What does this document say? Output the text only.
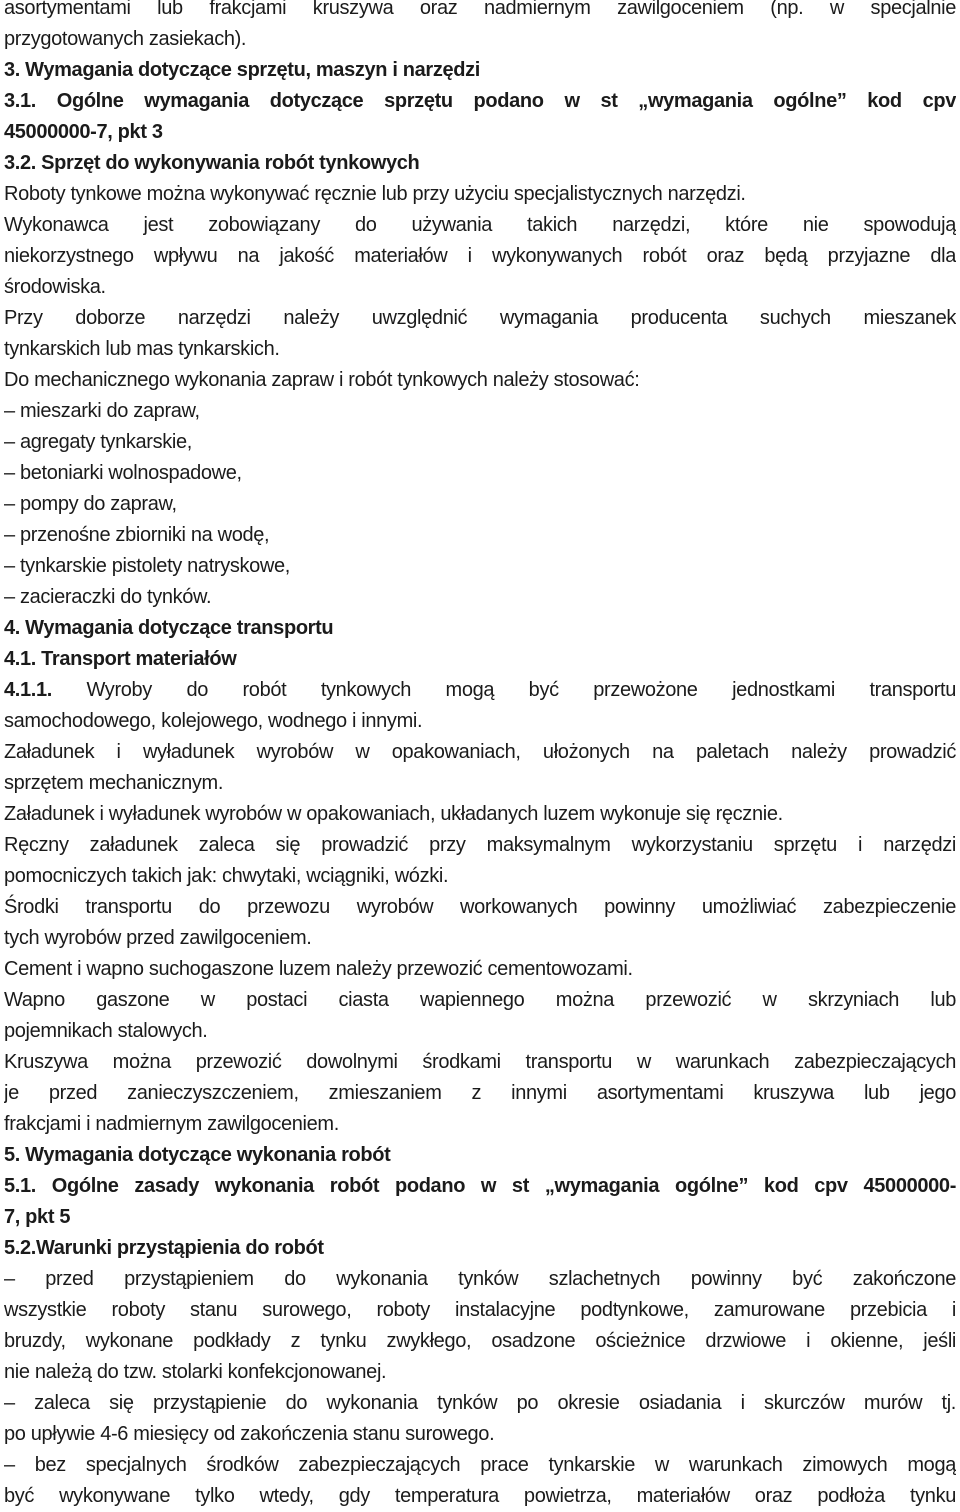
asortymentami lub frakcjami kruszywa oraz nadmiernym zawilgoceniem (np. w specjalnie
przygotowanych zasiekach).
3. Wymagania dotyczące sprzętu, maszyn i narzędzi
3.1. Ogólne wymagania dotyczące sprzętu podano w st „wymagania ogólne” kod cpv
45000000-7, pkt 3
3.2. Sprzęt do wykonywania robót tynkowych
Roboty tynkowe można wykonywać ręcznie lub przy użyciu specjalistycznych narzędzi.
Wykonawca jest zobowiązany do używania takich narzędzi, które nie spowodują
niekorzystnego wpływu na jakość materiałów i wykonywanych robót oraz będą przyjazne dla
środowiska.
Przy doborze narzędzi należy uwzględnić wymagania producenta suchych mieszanek
tynkarskich lub mas tynkarskich.
Do mechanicznego wykonania zapraw i robót tynkowych należy stosować:
– mieszarki do zapraw,
– agregaty tynkarskie,
– betoniarki wolnospadowe,
– pompy do zapraw,
– przenośne zbiorniki na wodę,
– tynkarskie pistolety natryskowe,
– zacieraczki do tynków.
4. Wymagania dotyczące transportu
4.1. Transport materiałów
4.1.1. Wyroby do robót tynkowych mogą być przewożone jednostkami transportu
samochodowego, kolejowego, wodnego i innymi.
Załadunek i wyładunek wyrobów w opakowaniach, ułożonych na paletach należy prowadzić
sprzętem mechanicznym.
Załadunek i wyładunek wyrobów w opakowaniach, układanych luzem wykonuje się ręcznie.
Ręczny załadunek zaleca się prowadzić przy maksymalnym wykorzystaniu sprzętu i narzędzi
pomocniczych takich jak: chwytaki, wciągniki, wózki.
Środki transportu do przewozu wyrobów workowanych powinny umożliwiać zabezpieczenie
tych wyrobów przed zawilgoceniem.
Cement i wapno suchogaszone luzem należy przewozić cementowozami.
Wapno gaszone w postaci ciasta wapiennego można przewozić w skrzyniach lub
pojemnikach stalowych.
Kruszywa można przewozić dowolnymi środkami transportu w warunkach zabezpieczających
je przed zanieczyszczeniem, zmieszaniem z innymi asortymentami kruszywa lub jego
frakcjami i nadmiernym zawilgoceniem.
5. Wymagania dotyczące wykonania robót
5.1. Ogólne zasady wykonania robót podano w st „wymagania ogólne” kod cpv 45000000-
7, pkt 5
5.2.Warunki przystąpienia do robót
– przed przystąpieniem do wykonania tynków szlachetnych powinny być zakończone
wszystkie roboty stanu surowego, roboty instalacyjne podtynkowe, zamurowane przebicia i
bruzdy, wykonane podkłady z tynku zwykłego, osadzone ościeżnice drzwiowe i okienne, jeśli
nie należą do tzw. stolarki konfekcjonowanej.
– zaleca się przystąpienie do wykonania tynków po okresie osiadania i skurczów murów tj.
po upływie 4-6 miesięcy od zakończenia stanu surowego.
– bez specjalnych środków zabezpieczających prace tynkarskie w warunkach zimowych mogą
być wykonywane tylko wtedy, gdy temperatura powietrza, materiałów oraz podłoża tynku
